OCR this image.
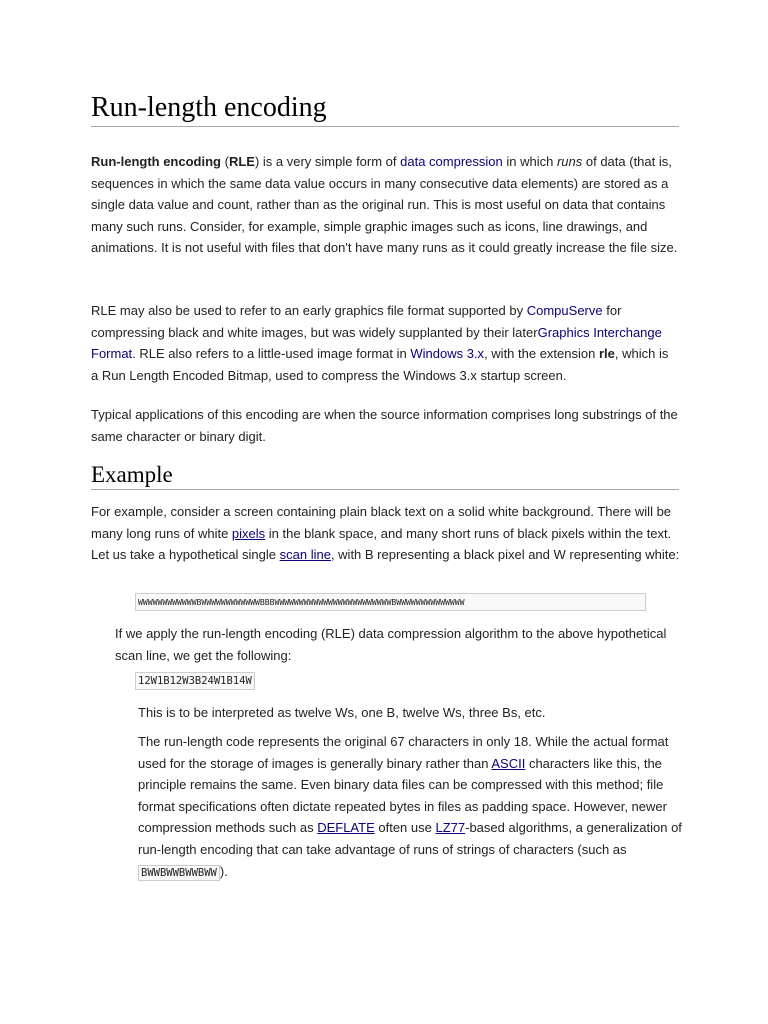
Run-length encoding

Run-length encoding (RLE) is a very simple form of data compression in which runs of data (that is, sequences in which the same data value occurs in many consecutive data elements) are stored as a single data value and count, rather than as the original run. This is most useful on data that contains many such runs. Consider, for example, simple graphic images such as icons, line drawings, and animations. It is not useful with files that don't have many runs as it could greatly increase the file size.

RLE may also be used to refer to an early graphics file format supported by CompuServe for compressing black and white images, but was widely supplanted by their laterGraphics Interchange Format. RLE also refers to a little-used image format in Windows 3.x, with the extension rle, which is a Run Length Encoded Bitmap, used to compress the Windows 3.x startup screen.

Typical applications of this encoding are when the source information comprises long substrings of the same character or binary digit.

Example

For example, consider a screen containing plain black text on a solid white background. There will be many long runs of white pixels in the blank space, and many short runs of black pixels within the text. Let us take a hypothetical single scan line, with B representing a black pixel and W representing white:

WWWWWWWWWWWWBWWWWWWWWWWWWBBBWWWWWWWWWWWWWWWWWWWWWWWWBWWWWWWWWWWWWWW

If we apply the run-length encoding (RLE) data compression algorithm to the above hypothetical scan line, we get the following:

12W1B12W3B24W1B14W

This is to be interpreted as twelve Ws, one B, twelve Ws, three Bs, etc.

The run-length code represents the original 67 characters in only 18. While the actual format used for the storage of images is generally binary rather than ASCII characters like this, the principle remains the same. Even binary data files can be compressed with this method; file format specifications often dictate repeated bytes in files as padding space. However, newer compression methods such as DEFLATE often use LZ77-based algorithms, a generalization of run-length encoding that can take advantage of runs of strings of characters (such as BWWBWWBWWBWW ).
